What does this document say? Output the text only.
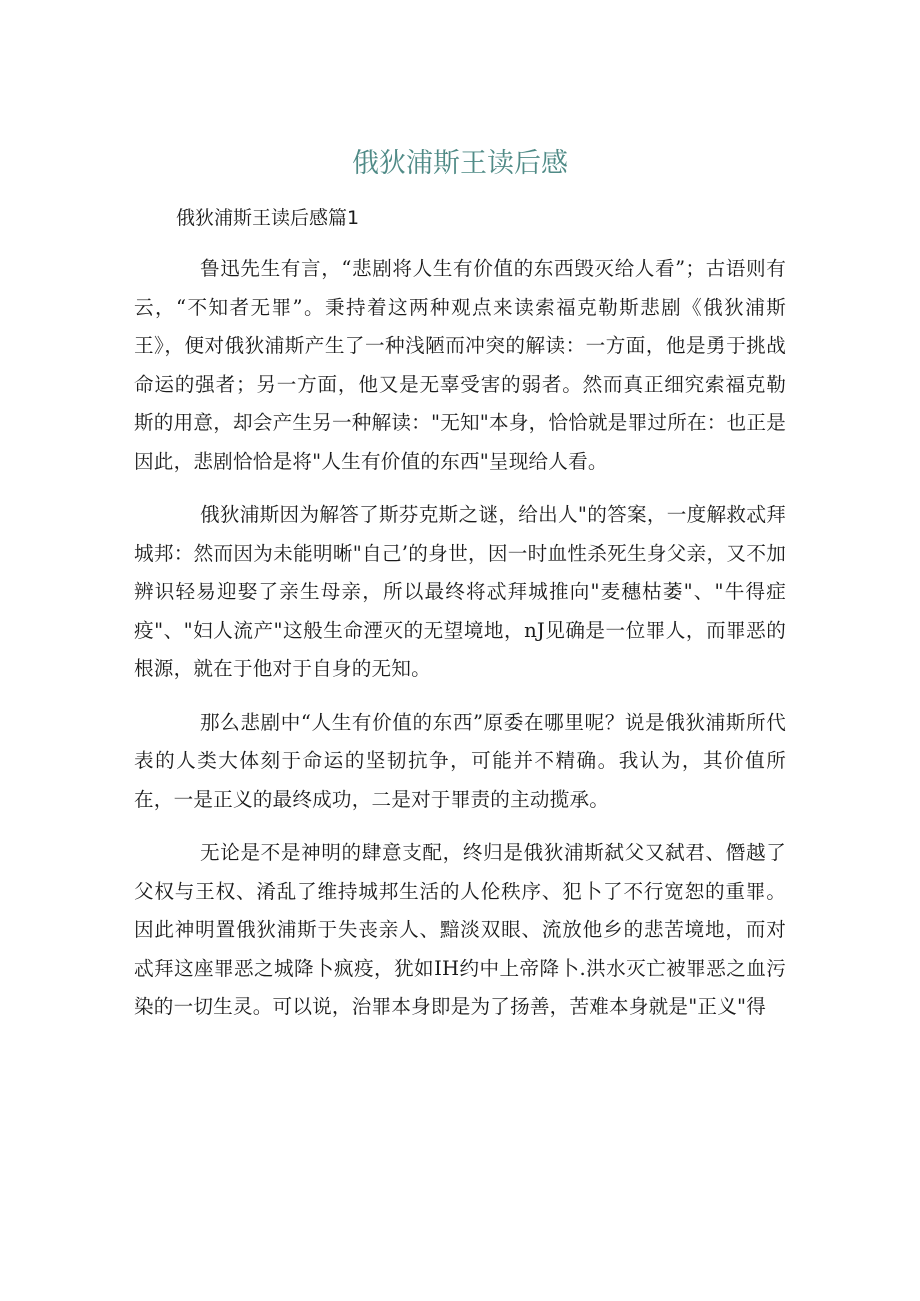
俄狄浦斯王读后感
俄狄浦斯王读后感篇1

鲁迅先生有言，“悲剧将人生有价值的东西毁灭给人看”；古语则有云，“不知者无罪”。秉持着这两种观点来读索福克勒斯悲剧《俄狄浦斯王》，便对俄狄浦斯产生了一种浅陋而冲突的解读：一方面，他是勇于挑战命运的强者；另一方面，他又是无辜受害的弱者。然而真正细究索福克勒斯的用意，却会产生另一种解读："无知"本身，恰恰就是罪过所在：也正是因此，悲剧恰恰是将"人生有价值的东西"呈现给人看。

俄狄浦斯因为解答了斯芬克斯之谜，给出人"的答案，一度解救忒拜城邦：然而因为未能明晰"自己’的身世，因一时血性杀死生身父亲，又不加辨识轻易迎娶了亲生母亲，所以最终将忒拜城推向"麦穗枯萎"、"牛得症疫"、"妇人流产"这般生命湮灭的无望境地，nJ见确是一位罪人，而罪恶的根源，就在于他对于自身的无知。

那么悲剧中“人生有价值的东西”原委在哪里呢？说是俄狄浦斯所代表的人类大体刻于命运的坚韧抗争，可能并不精确。我认为，其价值所在，一是正义的最终成功，二是对于罪责的主动揽承。

无论是不是神明的肆意支配，终归是俄狄浦斯弑父又弑君、僭越了父权与王权、淆乱了维持城邦生活的人伦秩序、犯卜了不行宽恕的重罪。因此神明置俄狄浦斯于失丧亲人、黯淡双眼、流放他乡的悲苦境地，而对忒拜这座罪恶之城降卜疯疫，犹如IH约中上帝降卜.洪水灭亡被罪恶之血污染的一切生灵。可以说，治罪本身即是为了扬善，苦难本身就是"正义"得
